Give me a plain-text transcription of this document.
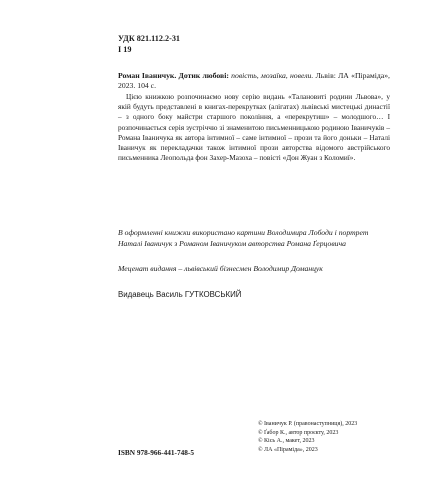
УДК 821.112.2-31
І 19
Роман Іваничук. Дотик любові: повість, мозаїка, новели. Львів: ЛА «Піраміда», 2023. 104 с.
Цією книжкою розпочинаємо нову серію видань «Талановиті родини Львова», у якій будуть представлені в книгах-перекрутках (алігатах) львівські мистецькі династії – з одного боку майстри старшого покоління, а «перекрутиш» – молодшого… І розпочинається серія зустріччю зі знаменитою письменницькою родиною Іваничуків – Романа Іваничука як автора інтимної – саме інтимної – прози та його доньки – Наталі Іваничук як перекладачки також інтимної прози авторства відомого австрійського письменника Леопольда фон Захер-Мазоха – повісті «Дон Жуан з Коломиї».
В оформленні книжки використано картини Володимира Лободи і портрет Наталі Іваничук з Романом Іваничуком авторства Романа Ґерцовича
Меценат видання – львівський бізнесмен Володимир Доманцук
Видавець Василь ГУТКОВСЬКИЙ
© Іваничук Р. (правонаступниця), 2023
© Ґабор К., автор проєкту, 2023
© Кісь А., макет, 2023
© ЛА «Піраміда», 2023
ISBN 978-966-441-748-5
